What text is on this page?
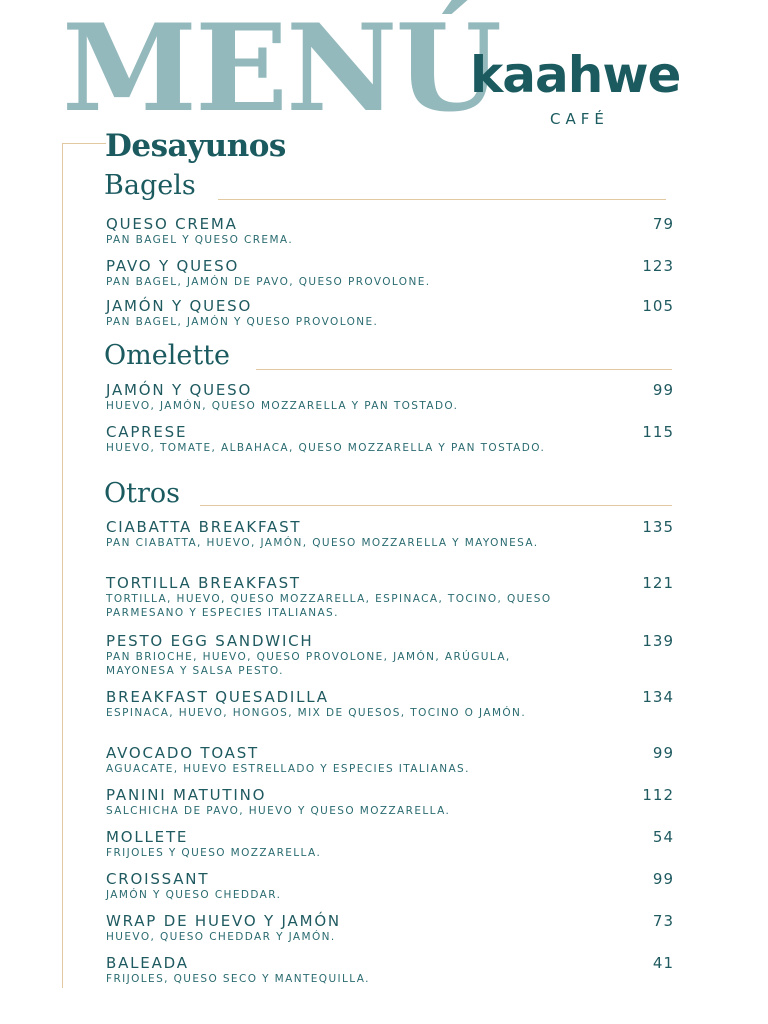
MENÚ
kaahwe
CAFÉ
Desayunos
Bagels
QUESO CREMA
PAN BAGEL Y QUESO CREMA.
79
PAVO Y QUESO
PAN BAGEL, JAMÓN DE PAVO, QUESO PROVOLONE.
123
JAMÓN Y QUESO
PAN BAGEL, JAMÓN Y QUESO PROVOLONE.
105
Omelette
JAMÓN Y QUESO
HUEVO, JAMÓN, QUESO MOZZARELLA Y PAN TOSTADO.
99
CAPRESE
HUEVO, TOMATE, ALBAHACA, QUESO MOZZARELLA Y PAN TOSTADO.
115
Otros
CIABATTA BREAKFAST
PAN CIABATTA, HUEVO, JAMÓN, QUESO MOZZARELLA Y MAYONESA.
135
TORTILLA BREAKFAST
TORTILLA, HUEVO, QUESO MOZZARELLA, ESPINACA, TOCINO, QUESO PARMESANO Y ESPECIES ITALIANAS.
121
PESTO EGG SANDWICH
PAN BRIOCHE, HUEVO, QUESO PROVOLONE, JAMÓN, ARÚGULA, MAYONESA Y SALSA PESTO.
139
BREAKFAST QUESADILLA
ESPINACA, HUEVO, HONGOS, MIX DE QUESOS, TOCINO O JAMÓN.
134
AVOCADO TOAST
AGUACATE, HUEVO ESTRELLADO Y ESPECIES ITALIANAS.
99
PANINI MATUTINO
SALCHICHA DE PAVO, HUEVO Y QUESO MOZZARELLA.
112
MOLLETE
FRIJOLES Y QUESO MOZZARELLA.
54
CROISSANT
JAMÓN Y QUESO CHEDDAR.
99
WRAP DE HUEVO Y JAMÓN
HUEVO, QUESO CHEDDAR Y JAMÓN.
73
BALEADA
FRIJOLES, QUESO SECO Y MANTEQUILLA.
41
